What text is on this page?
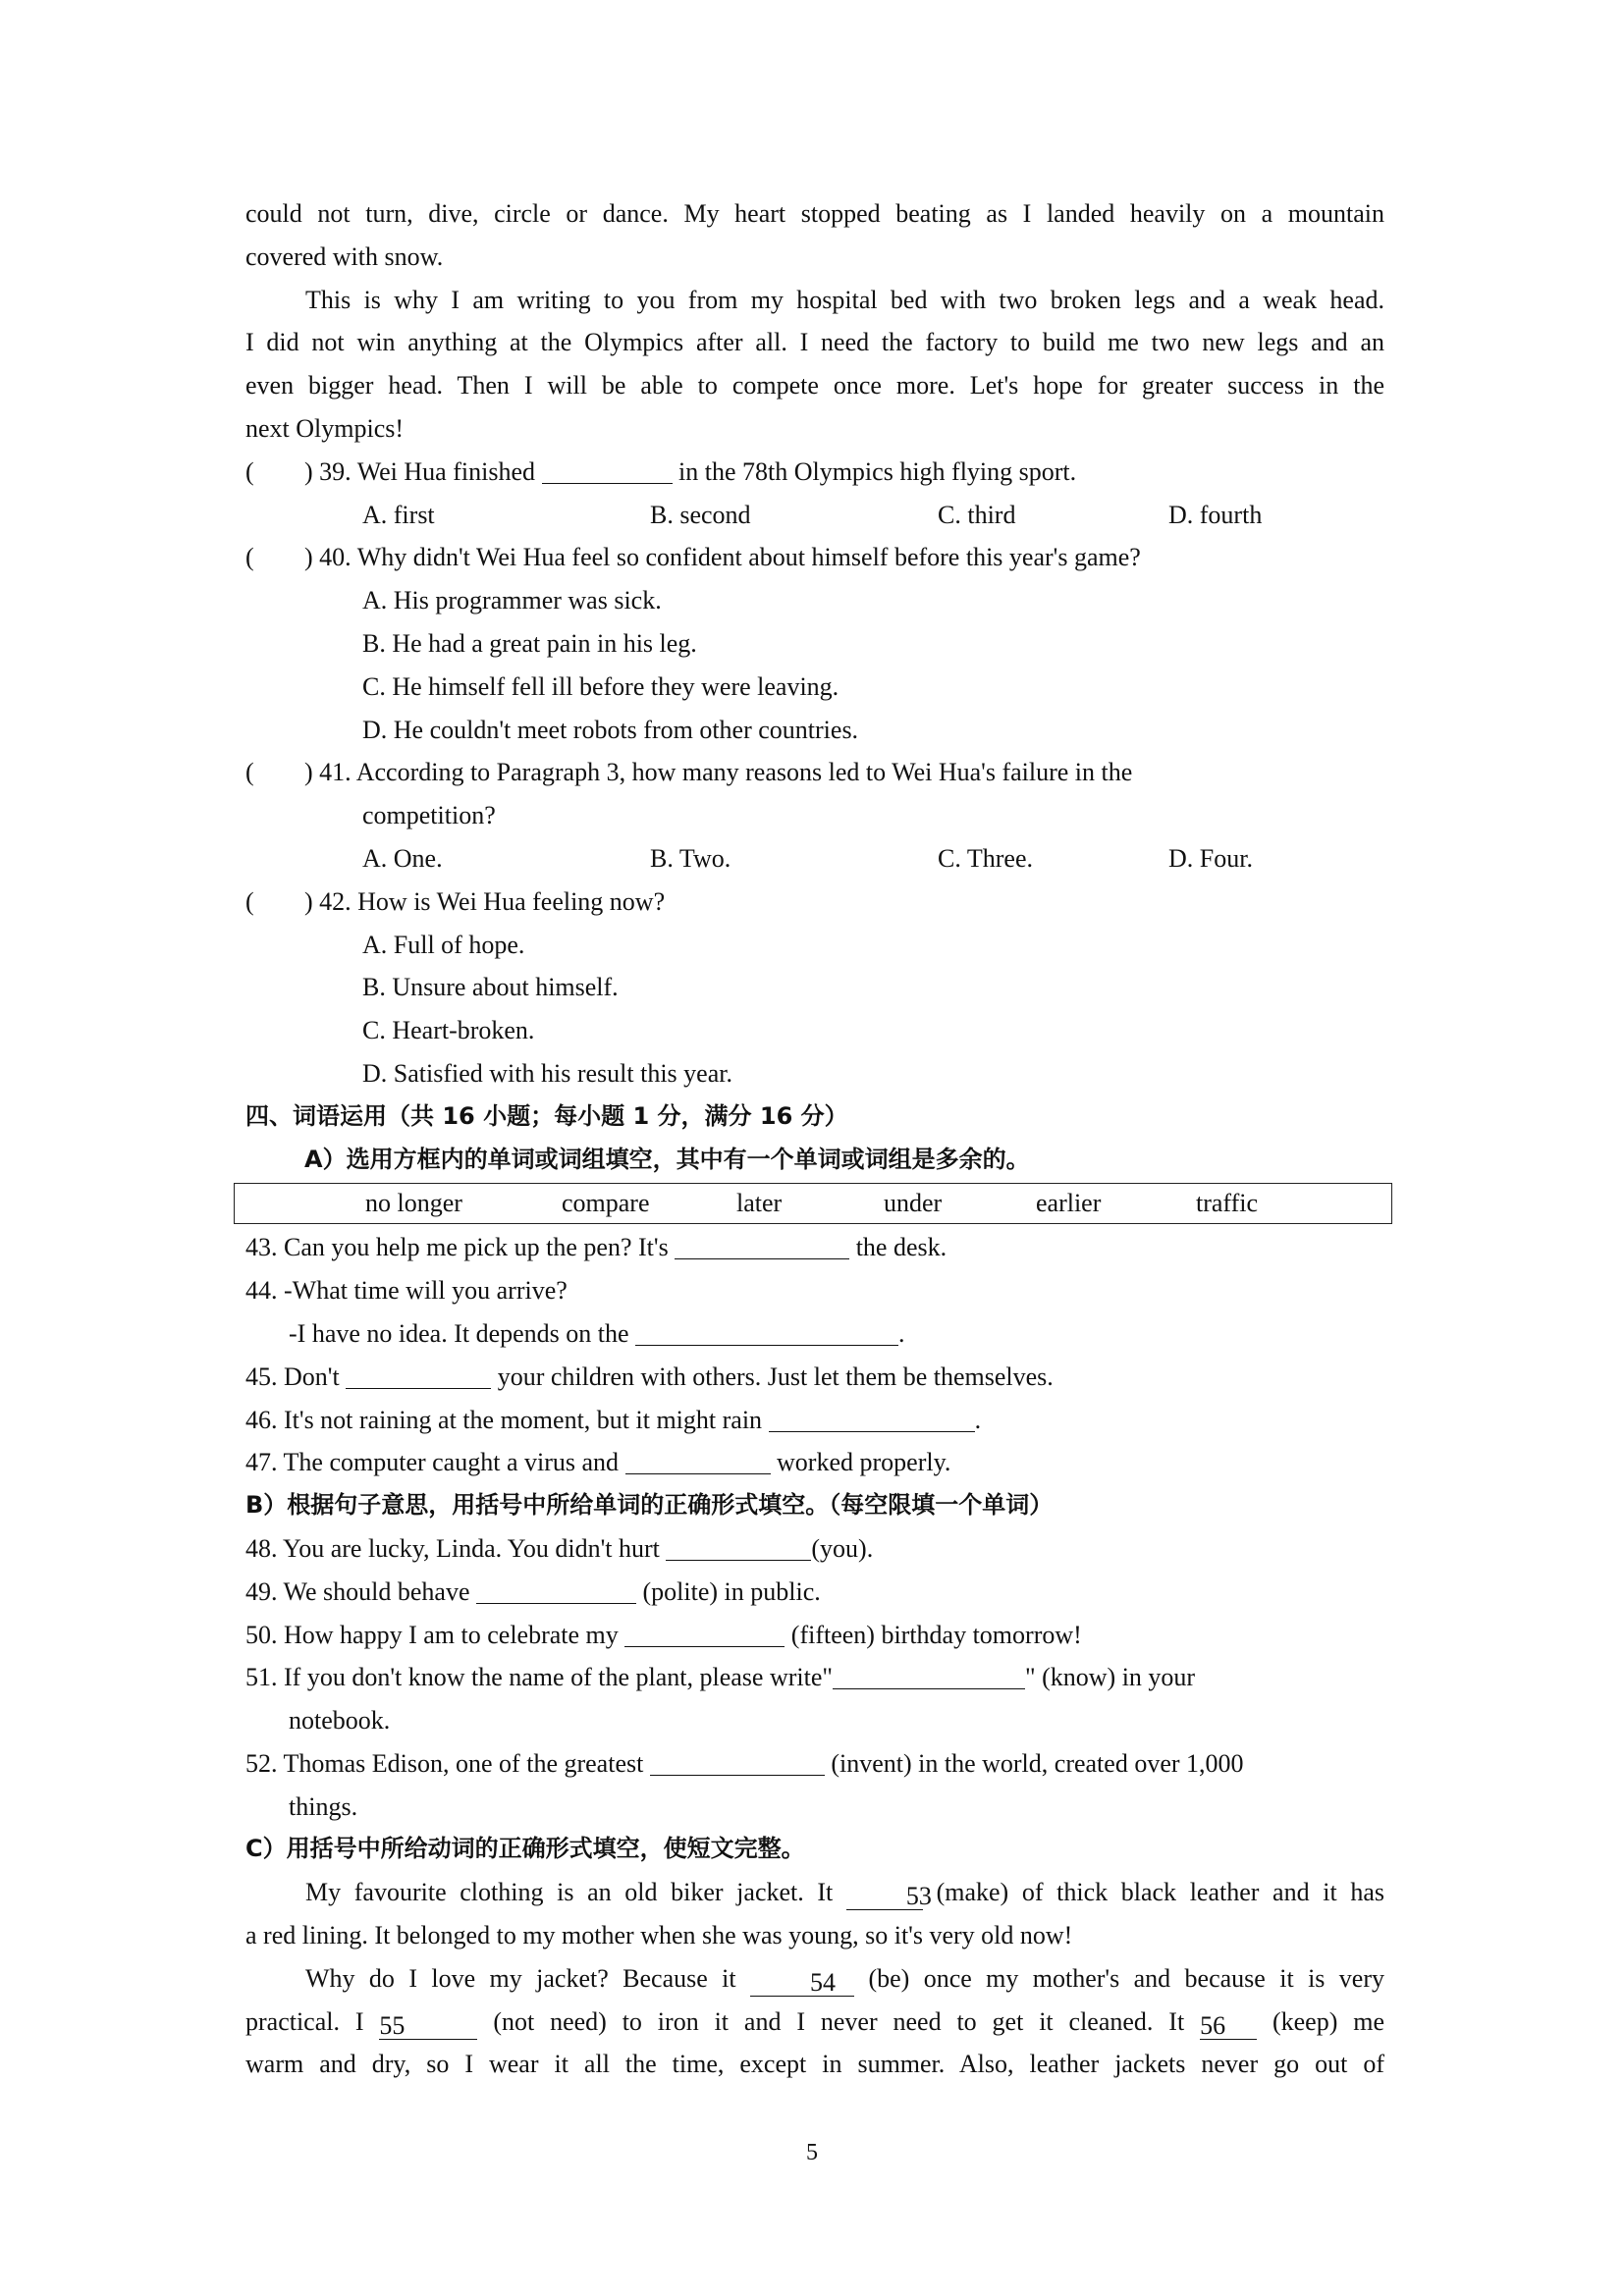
could not turn, dive, circle or dance. My heart stopped beating as I landed heavily on a mountain
covered with snow.
This is why I am writing to you from my hospital bed with two broken legs and a weak head.
I did not win anything at the Olympics after all. I need the factory to build me two new legs and an
even bigger head. Then I will be able to compete once more. Let's hope for greater success in the
next Olympics!
( ) 39. Wei Hua finished	in the 78th Olympics high flying sport.
A. first	B. second	C. third	D. fourth
( ) 40. Why didn't Wei Hua feel so confident about himself before this year's game?
A. His programmer was sick.
B. He had a great pain in his leg.
C. He himself fell ill before they were leaving.
D. He couldn't meet robots from other countries.
( ) 41. According to Paragraph 3, how many reasons led to Wei Hua's failure in the
competition?
A. One.	B. Two.	C. Three.	D. Four.
( ) 42. How is Wei Hua feeling now?
A. Full of hope.
B. Unsure about himself.
C. Heart-broken.
D. Satisfied with his result this year.
四、词语运用（共 16 小题；每小题 1 分，满分 16 分）
A）选用方框内的单词或词组填空，其中有一个单词或词组是多余的。
no longer	compare	later	under	earlier	traffic
43. Can you help me pick up the pen? It's	the desk.
44. -What time will you arrive?
-I have no idea. It depends on the	.
45. Don't	your children with others. Just let them be themselves.
46. It's not raining at the moment, but it might rain	.
47. The computer caught a virus and	worked properly.
B）根据句子意思，用括号中所给单词的正确形式填空。（每空限填一个单词）
48. You are lucky, Linda. You didn't hurt	(you).
49. We should behave	(polite) in public.
50. How happy I am to celebrate my	(fifteen) birthday tomorrow!
51. If you don't know the name of the plant, please write"	" (know) in your
notebook.
52. Thomas Edison, one of the greatest	(invent) in the world, created over 1,000
things.
C）用括号中所给动词的正确形式填空，使短文完整。
My favourite clothing is an old biker jacket. It	53 (make) of thick black leather and it has
a red lining. It belonged to my mother when she was young, so it's very old now!
Why do I love my jacket? Because it	54 (be) once my mother's and because it is very
practical. I 55	(not need) to iron it and I never need to get it cleaned. It 56 (keep) me
warm and dry, so I wear it all the time, except in summer. Also, leather jackets never go out of
5
